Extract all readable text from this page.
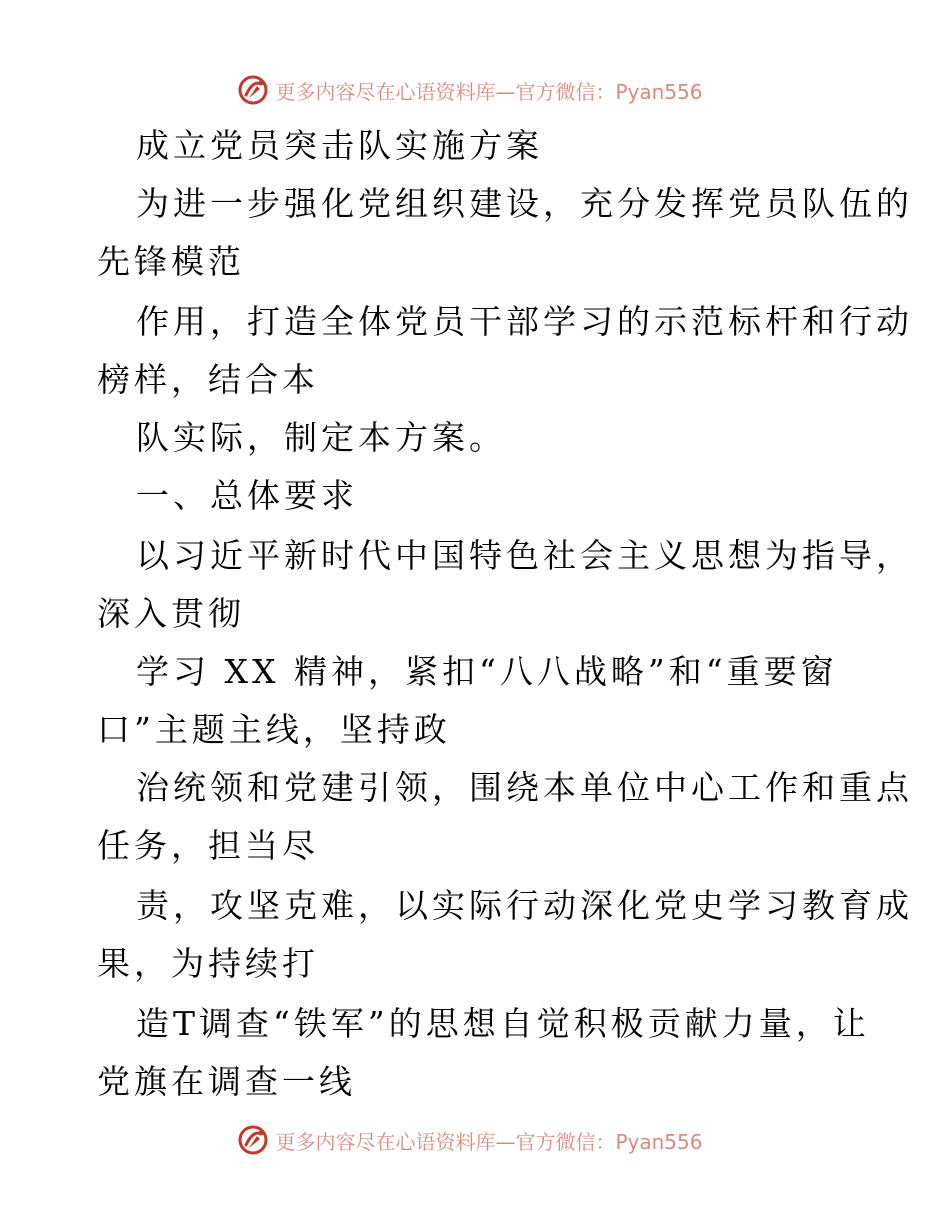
更多内容尽在心语资料库—官方微信：Pyan556
成立党员突击队实施方案
为进一步强化党组织建设，充分发挥党员队伍的
先锋模范
作用，打造全体党员干部学习的示范标杆和行动
榜样，结合本
队实际，制定本方案。
一、总体要求
以习近平新时代中国特色社会主义思想为指导，
深入贯彻
学习 XX 精神，紧扣“八八战略”和“重要窗
口”主题主线，坚持政
治统领和党建引领，围绕本单位中心工作和重点
任务，担当尽
责，攻坚克难，以实际行动深化党史学习教育成
果，为持续打
造T调查“铁军”的思想自觉积极贡献力量，让
党旗在调查一线
更多内容尽在心语资料库—官方微信：Pyan556
